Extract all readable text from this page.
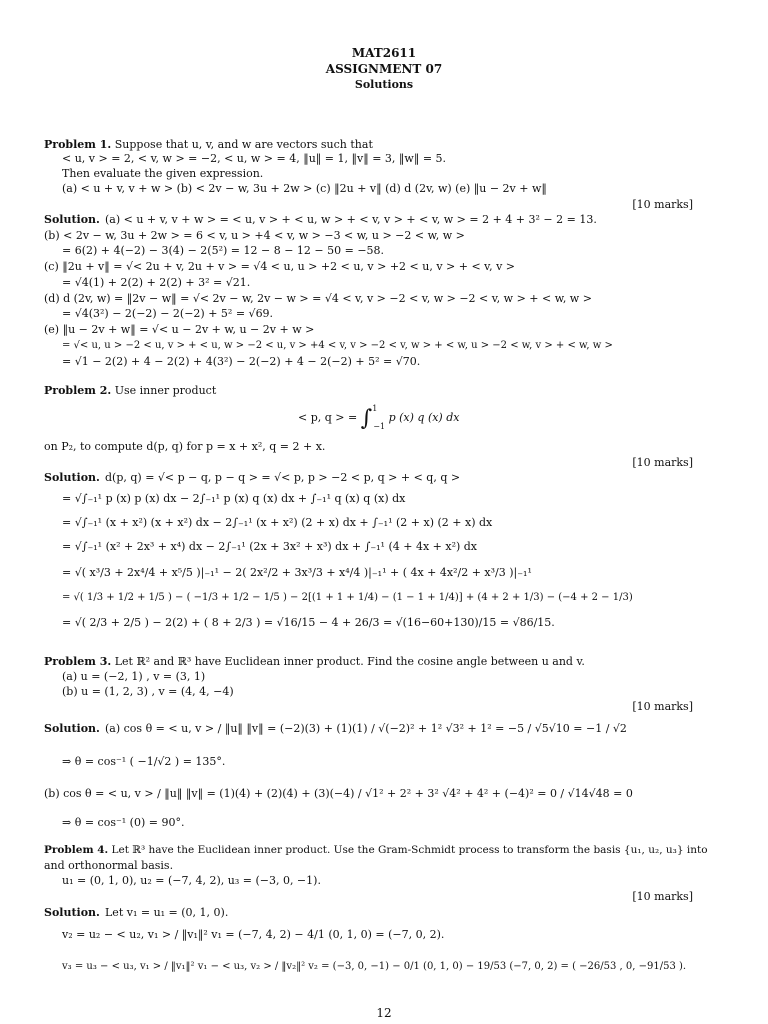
MAT2611
ASSIGNMENT 07
Solutions
Problem 1. Suppose that u, v, and w are vectors such that
< u, v > = 2, < v, w > = −2, < u, w > = 4, ‖u‖ = 1, ‖v‖ = 3, ‖w‖ = 5.
Then evaluate the given expression.
(a) < u + v, v + w > (b) < 2v − w, 3u + 2w > (c) ‖2u + v‖ (d) d (2v, w) (e) ‖u − 2v + w‖
[10 marks]
Solution. (a) < u + v, v + w > = < u, v > + < u, w > + < v, v > + < v, w > = 2 + 4 + 3² − 2 = 13.
(b) < 2v − w, 3u + 2w > = 6 < v, u > +4 < v, w > −3 < w, u > −2 < w, w >
= 6(2) + 4(−2) − 3(4) − 2(5²) = 12 − 8 − 12 − 50 = −58.
(c) ‖2u + v‖ = √< 2u + v, 2u + v > = √4 < u, u > +2 < u, v > +2 < u, v > + < v, v >
= √4(1) + 2(2) + 2(2) + 3² = √21.
(d) d (2v, w) = ‖2v − w‖ = √< 2v − w, 2v − w > = √4 < v, v > −2 < v, w > −2 < v, w > + < w, w >
= √4(3²) − 2(−2) − 2(−2) + 5² = √69.
(e) ‖u − 2v + w‖ = √< u − 2v + w, u − 2v + w >
= √< u, u > −2 < u, v > + < u, w > −2 < u, v > +4 < v, v > −2 < v, w > + < w, u > −2 < w, v > + < w, w >
= √1 − 2(2) + 4 − 2(2) + 4(3²) − 2(−2) + 4 − 2(−2) + 5² = √70.
Problem 2. Use inner product
< p, q > = ∫$^1_{-1}$ p (x) q (x) dx
on P₂, to compute d(p, q) for p = x + x², q = 2 + x.
[10 marks]
Solution. d(p, q) = √< p − q, p − q > = √< p, p > −2 < p, q > + < q, q >
= √∫₋₁¹ p (x) p (x) dx − 2∫₋₁¹ p (x) q (x) dx + ∫₋₁¹ q (x) q (x) dx
= √∫₋₁¹ (x + x²) (x + x²) dx − 2∫₋₁¹ (x + x²) (2 + x) dx + ∫₋₁¹ (2 + x) (2 + x) dx
= √∫₋₁¹ (x² + 2x³ + x⁴) dx − 2∫₋₁¹ (2x + 3x² + x³) dx + ∫₋₁¹ (4 + 4x + x²) dx
= √( x³/3 + 2x⁴/4 + x⁵/5 )|₋₁¹ − 2( 2x²/2 + 3x³/3 + x⁴/4 )|₋₁¹ + ( 4x + 4x²/2 + x³/3 )|₋₁¹
= √( 1/3 + 1/2 + 1/5 ) − ( −1/3 + 1/2 − 1/5 ) − 2[(1 + 1 + 1/4) − (1 − 1 + 1/4)] + (4 + 2 + 1/3) − (−4 + 2 − 1/3)
= √( 2/3 + 2/5 ) − 2(2) + ( 8 + 2/3 ) = √16/15 − 4 + 26/3 = √(16−60+130)/15 = √86/15.
Problem 3. Let ℝ² and ℝ³ have Euclidean inner product. Find the cosine angle between u and v.
(a) u = (−2, 1) , v = (3, 1)
(b) u = (1, 2, 3) , v = (4, 4, −4)
[10 marks]
Solution. (a) cos θ = < u, v > / ‖u‖ ‖v‖ = (−2)(3) + (1)(1) / √(−2)² + 1² √3² + 1² = −5 / √5√10 = −1 / √2
⇒ θ = cos⁻¹ ( −1/√2 ) = 135°.
(b) cos θ = < u, v > / ‖u‖ ‖v‖ = (1)(4) + (2)(4) + (3)(−4) / √1² + 2² + 3² √4² + 4² + (−4)² = 0 / √14√48 = 0
⇒ θ = cos⁻¹ (0) = 90°.
Problem 4. Let ℝ³ have the Euclidean inner product. Use the Gram-Schmidt process to transform the basis {u₁, u₂, u₃} into
and orthonormal basis.
u₁ = (0, 1, 0), u₂ = (−7, 4, 2), u₃ = (−3, 0, −1).
[10 marks]
Solution. Let v₁ = u₁ = (0, 1, 0).
v₂ = u₂ − < u₂, v₁ > / ‖v₁‖² v₁ = (−7, 4, 2) − 4/1 (0, 1, 0) = (−7, 0, 2).
v₃ = u₃ − < u₃, v₁ > / ‖v₁‖² v₁ − < u₃, v₂ > / ‖v₂‖² v₂ = (−3, 0, −1) − 0/1 (0, 1, 0) − 19/53 (−7, 0, 2) = ( −26/53 , 0, −91/53 ).
12
